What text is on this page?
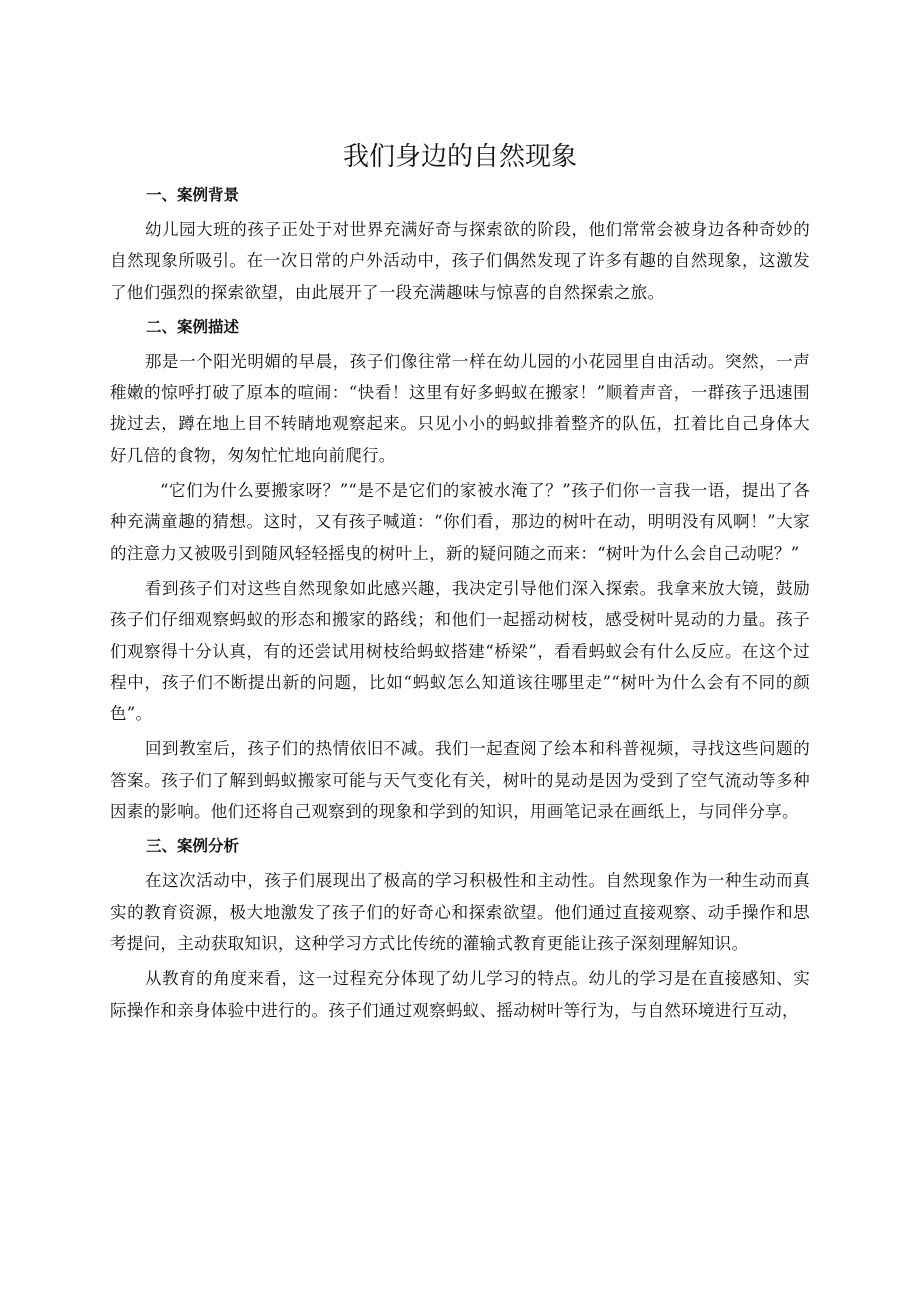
我们身边的自然现象
一、案例背景

幼儿园大班的孩子正处于对世界充满好奇与探索欲的阶段，他们常常会被身边各种奇妙的自然现象所吸引。在一次日常的户外活动中，孩子们偶然发现了许多有趣的自然现象，这激发了他们强烈的探索欲望，由此展开了一段充满趣味与惊喜的自然探索之旅。

二、案例描述

那是一个阳光明媚的早晨，孩子们像往常一样在幼儿园的小花园里自由活动。突然，一声稚嫩的惊呼打破了原本的喧闹：“快看！这里有好多蚂蚁在搬家！”顺着声音，一群孩子迅速围拢过去，蹲在地上目不转睛地观察起来。只见小小的蚂蚁排着整齐的队伍，扛着比自己身体大好几倍的食物，匆匆忙忙地向前爬行。

“它们为什么要搬家呀？”“是不是它们的家被水淹了？”孩子们你一言我一语，提出了各种充满童趣的猜想。这时，又有孩子喊道：“你们看，那边的树叶在动，明明没有风啊！”大家的注意力又被吸引到随风轻轻摇曳的树叶上，新的疑问随之而来：“树叶为什么会自己动呢？”

看到孩子们对这些自然现象如此感兴趣，我决定引导他们深入探索。我拿来放大镜，鼓励孩子们仔细观察蚂蚁的形态和搬家的路线；和他们一起摇动树枝，感受树叶晃动的力量。孩子们观察得十分认真，有的还尝试用树枝给蚂蚁搭建“桥梁”，看看蚂蚁会有什么反应。在这个过程中，孩子们不断提出新的问题，比如“蚂蚁怎么知道该往哪里走”“树叶为什么会有不同的颜色”。

回到教室后，孩子们的热情依旧不减。我们一起查阅了绘本和科普视频，寻找这些问题的答案。孩子们了解到蚂蚁搬家可能与天气变化有关，树叶的晃动是因为受到了空气流动等多种因素的影响。他们还将自己观察到的现象和学到的知识，用画笔记录在画纸上，与同伴分享。

三、案例分析

在这次活动中，孩子们展现出了极高的学习积极性和主动性。自然现象作为一种生动而真实的教育资源，极大地激发了孩子们的好奇心和探索欲望。他们通过直接观察、动手操作和思考提问，主动获取知识，这种学习方式比传统的灌输式教育更能让孩子深刻理解知识。

从教育的角度来看，这一过程充分体现了幼儿学习的特点。幼儿的学习是在直接感知、实际操作和亲身体验中进行的。孩子们通过观察蚂蚁、摇动树叶等行为，与自然环境进行互动，
